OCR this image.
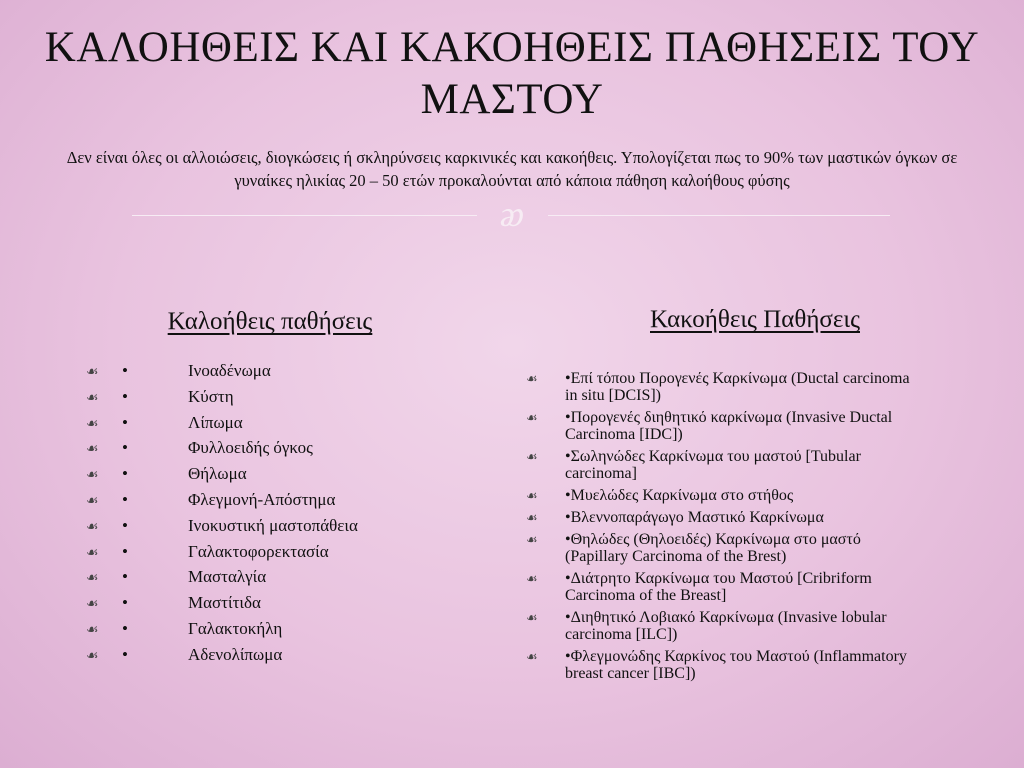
ΚΑΛΟΗΘΕΙΣ ΚΑΙ ΚΑΚΟΗΘΕΙΣ ΠΑΘΗΣΕΙΣ ΤΟΥ ΜΑΣΤΟΥ
Δεν είναι όλες οι αλλοιώσεις, διογκώσεις ή σκληρύνσεις καρκινικές και κακοήθεις. Υπολογίζεται πως το 90% των μαστικών όγκων σε γυναίκες ηλικίας 20 – 50 ετών προκαλούνται από κάποια πάθηση καλοήθους φύσης
ᴂ
Καλοήθεις παθήσεις
☙ •	Ινοαδένωμα
☙ •	Κύστη
☙ •	Λίπωμα
☙ •	Φυλλοειδής όγκος
☙ •	Θήλωμα
☙ •	Φλεγμονή-Απόστημα
☙ •	Ινοκυστική μαστοπάθεια
☙ •	Γαλακτοφορεκτασία
☙ •	Μασταλγία
☙ •	Μαστίτιδα
☙ •	Γαλακτοκήλη
☙ •	Αδενολίπωμα
Κακοήθεις Παθήσεις
☙	•Επί τόπου Πορογενές Καρκίνωμα (Ductal carcinoma in situ [DCIS])
☙	•Πορογενές διηθητικό καρκίνωμα (Invasive Ductal Carcinoma [IDC])
☙	•Σωληνώδες Καρκίνωμα του μαστού [Tubular carcinoma]
☙	•Μυελώδες Καρκίνωμα στο στήθος
☙	•Βλεννοπαράγωγο Μαστικό Καρκίνωμα
☙	•Θηλώδες (Θηλοειδές) Καρκίνωμα στο μαστό (Papillary Carcinoma of the Brest)
☙	•Διάτρητο Καρκίνωμα του Μαστού [Cribriform Carcinoma of the Breast]
☙	•Διηθητικό Λοβιακό Καρκίνωμα (Invasive lobular carcinoma [ILC])
☙	•Φλεγμονώδης Καρκίνος του Μαστού (Inflammatory breast cancer [IBC])
